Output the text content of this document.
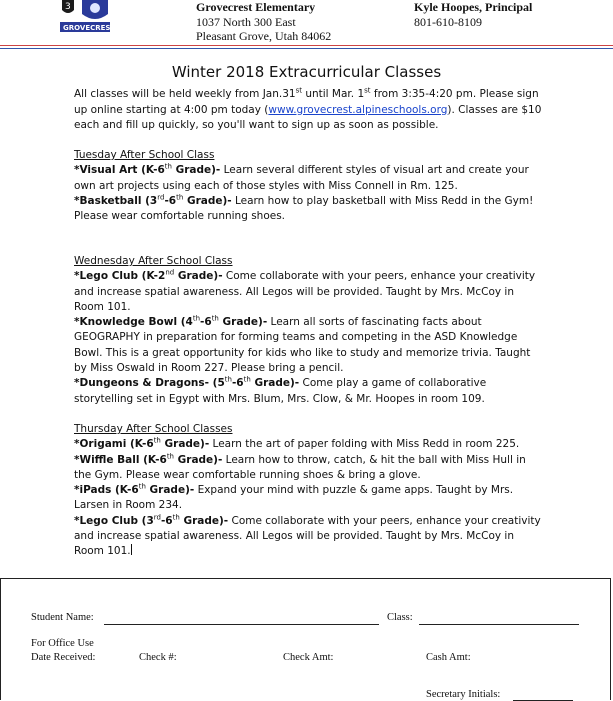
3
GROVECREST
Grovecrest Elementary
1037 North 300 East
Pleasant Grove, Utah 84062
Kyle Hoopes, Principal
801-610-8109
Winter 2018 Extracurricular Classes
All classes will be held weekly from Jan.31st until Mar. 1st from 3:35-4:20 pm. Please sign up online starting at 4:00 pm today (www.grovecrest.alpineschools.org). Classes are $10 each and fill up quickly, so you'll want to sign up as soon as possible.
Tuesday After School Class
*Visual Art (K-6th Grade)- Learn several different styles of visual art and create your own art projects using each of those styles with Miss Connell in Rm. 125.
*Basketball (3rd-6th Grade)- Learn how to play basketball with Miss Redd in the Gym! Please wear comfortable running shoes.
Wednesday After School Class
*Lego Club (K-2nd Grade)- Come collaborate with your peers, enhance your creativity and increase spatial awareness. All Legos will be provided. Taught by Mrs. McCoy in Room 101.
*Knowledge Bowl (4th-6th Grade)- Learn all sorts of fascinating facts about GEOGRAPHY in preparation for forming teams and competing in the ASD Knowledge Bowl. This is a great opportunity for kids who like to study and memorize trivia. Taught by Miss Oswald in Room 227. Please bring a pencil.
*Dungeons & Dragons- (5th-6th Grade)- Come play a game of collaborative storytelling set in Egypt with Mrs. Blum, Mrs. Clow, & Mr. Hoopes in room 109.
Thursday After School Classes
*Origami (K-6th Grade)- Learn the art of paper folding with Miss Redd in room 225.
*Wiffle Ball (K-6th Grade)- Learn how to throw, catch, & hit the ball with Miss Hull in the Gym. Please wear comfortable running shoes & bring a glove.
*iPads (K-6th Grade)- Expand your mind with puzzle & game apps. Taught by Mrs. Larsen in Room 234.
*Lego Club (3rd-6th Grade)- Come collaborate with your peers, enhance your creativity and increase spatial awareness. All Legos will be provided. Taught by Mrs. McCoy in Room 101.
Student Name:	Class:
For Office Use
Date Received:	Check #:	Check Amt:	Cash Amt:
Secretary Initials:
